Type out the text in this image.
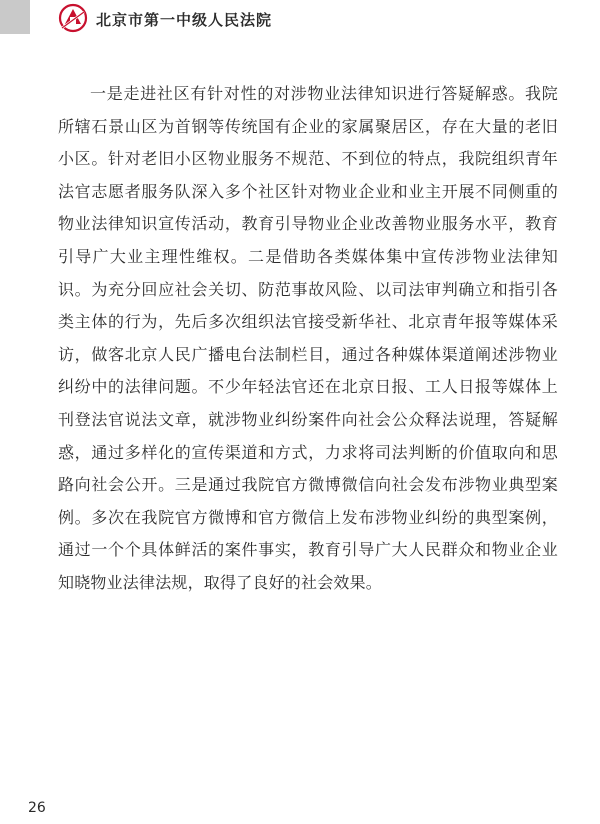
北京市第一中级人民法院

一是走进社区有针对性的对涉物业法律知识进行答疑解惑。我院所辖石景山区为首钢等传统国有企业的家属聚居区，存在大量的老旧小区。针对老旧小区物业服务不规范、不到位的特点，我院组织青年法官志愿者服务队深入多个社区针对物业企业和业主开展不同侧重的物业法律知识宣传活动，教育引导物业企业改善物业服务水平，教育引导广大业主理性维权。二是借助各类媒体集中宣传涉物业法律知识。为充分回应社会关切、防范事故风险、以司法审判确立和指引各类主体的行为，先后多次组织法官接受新华社、北京青年报等媒体采访，做客北京人民广播电台法制栏目，通过各种媒体渠道阐述涉物业纠纷中的法律问题。不少年轻法官还在北京日报、工人日报等媒体上刊登法官说法文章，就涉物业纠纷案件向社会公众释法说理，答疑解惑，通过多样化的宣传渠道和方式，力求将司法判断的价值取向和思路向社会公开。三是通过我院官方微博微信向社会发布涉物业典型案例。多次在我院官方微博和官方微信上发布涉物业纠纷的典型案例，通过一个个具体鲜活的案件事实，教育引导广大人民群众和物业企业知晓物业法律法规，取得了良好的社会效果。

26
